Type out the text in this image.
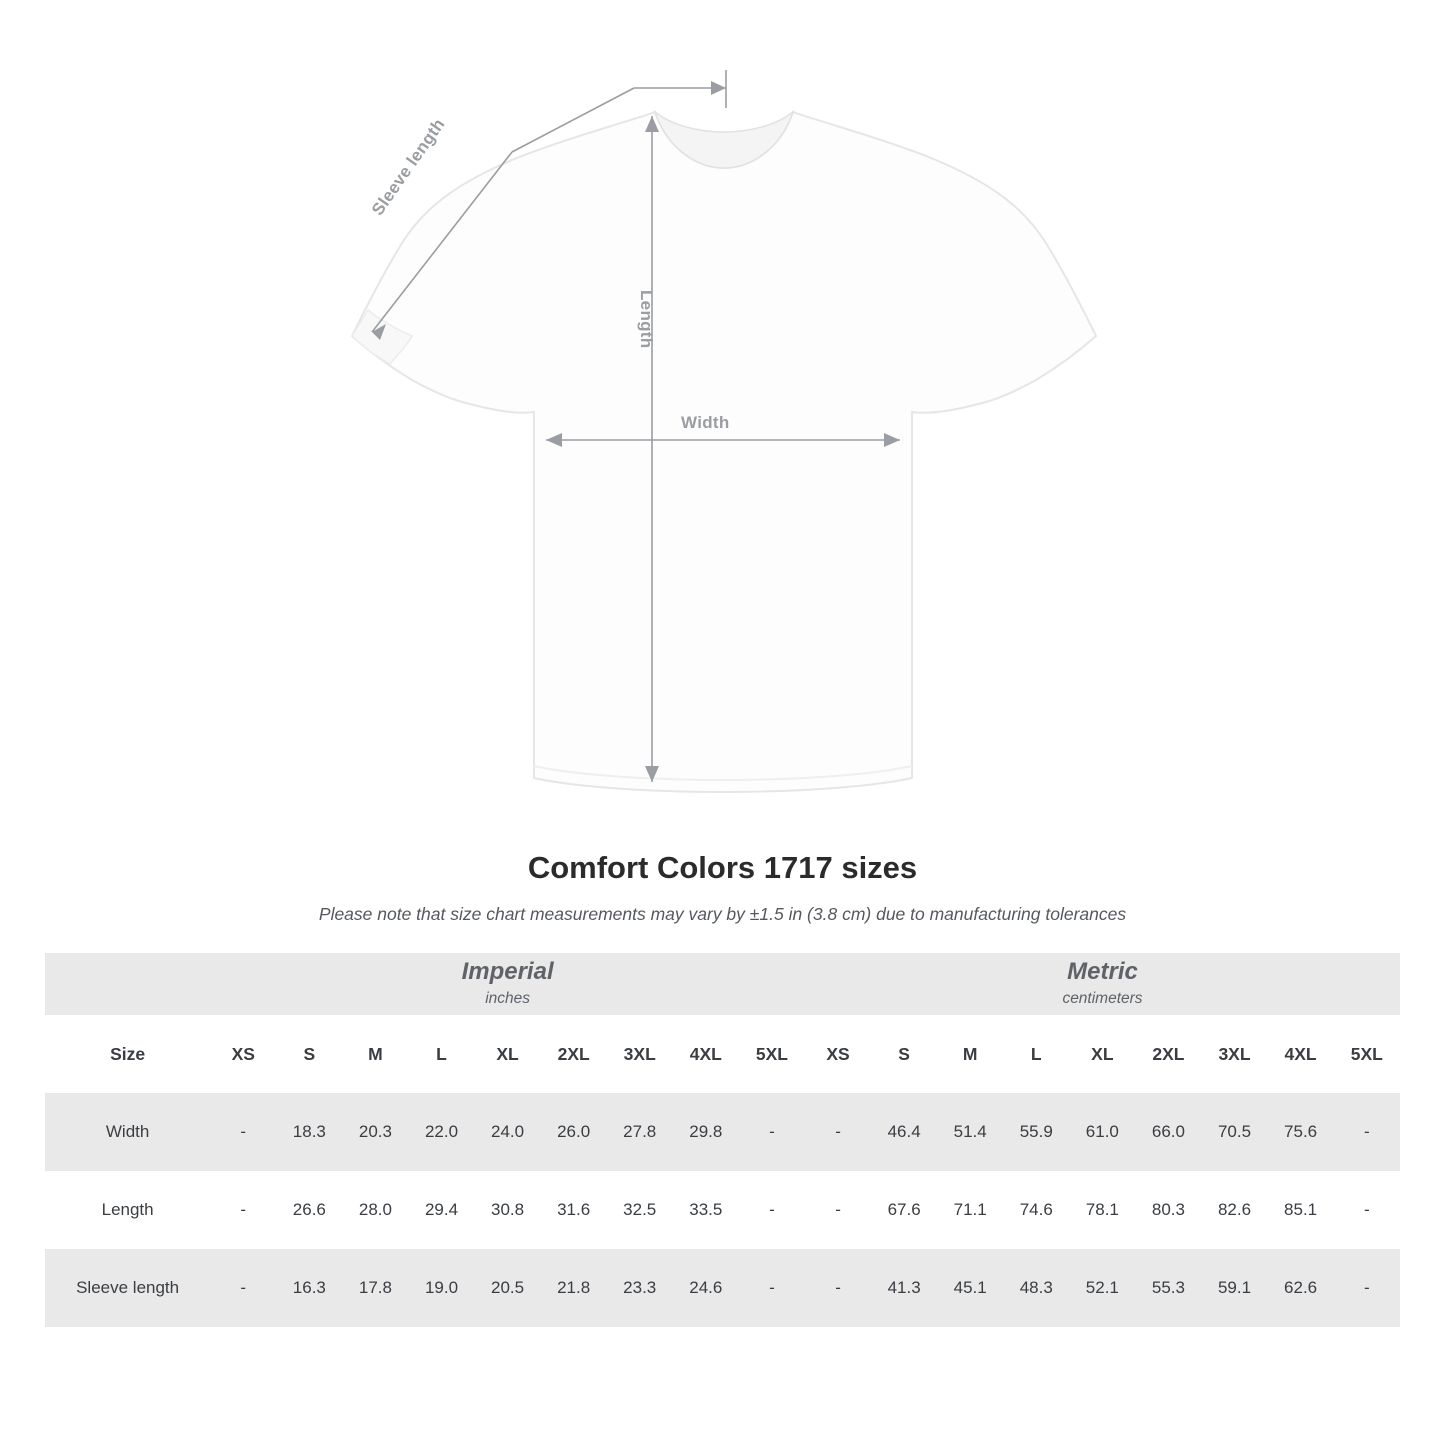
Width
Length
Sleeve length
Comfort Colors 1717 sizes
Please note that size chart measurements may vary by ±1.5 in (3.8 cm) due to manufacturing tolerances

Imperial
inches

Metric
centimeters

Size	XS	S	M	L	XL	2XL	3XL	4XL	5XL	XS	S	M	L	XL	2XL	3XL	4XL	5XL
Width	-	18.3	20.3	22.0	24.0	26.0	27.8	29.8	-	-	46.4	51.4	55.9	61.0	66.0	70.5	75.6	-
Length	-	26.6	28.0	29.4	30.8	31.6	32.5	33.5	-	-	67.6	71.1	74.6	78.1	80.3	82.6	85.1	-
Sleeve length	-	16.3	17.8	19.0	20.5	21.8	23.3	24.6	-	-	41.3	45.1	48.3	52.1	55.3	59.1	62.6	-
